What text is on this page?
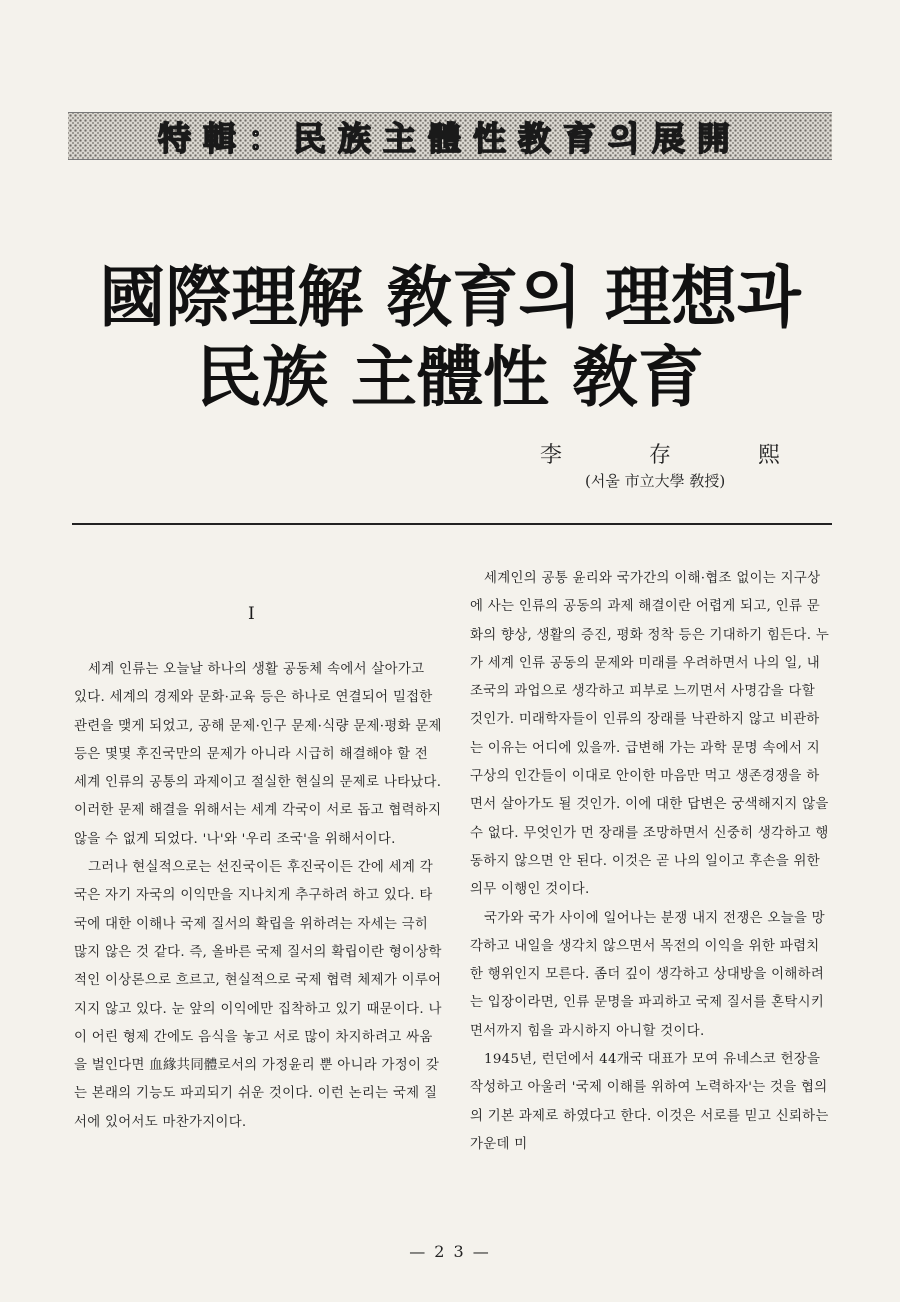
特輯：民族主體性教育의展開
國際理解 敎育의 理想과
民族 主體性 敎育
李	存	熙
(서울 市立大學 敎授)
I

세계 인류는 오늘날 하나의 생활 공동체 속에서 살아가고 있다. 세계의 경제와 문화·교육 등은 하나로 연결되어 밀접한 관련을 맺게 되었고, 공해 문제·인구 문제·식량 문제·평화 문제 등은 몇몇 후진국만의 문제가 아니라 시급히 해결해야 할 전 세계 인류의 공통의 과제이고 절실한 현실의 문제로 나타났다. 이러한 문제 해결을 위해서는 세계 각국이 서로 돕고 협력하지 않을 수 없게 되었다. '나'와 '우리 조국'을 위해서이다.

그러나 현실적으로는 선진국이든 후진국이든 간에 세계 각국은 자기 자국의 이익만을 지나치게 추구하려 하고 있다. 타국에 대한 이해나 국제 질서의 확립을 위하려는 자세는 극히 많지 않은 것 같다. 즉, 올바른 국제 질서의 확립이란 형이상학적인 이상론으로 흐르고, 현실적으로 국제 협력 체제가 이루어지지 않고 있다. 눈 앞의 이익에만 집착하고 있기 때문이다. 나이 어린 형제 간에도 음식을 놓고 서로 많이 차지하려고 싸움을 벌인다면 血緣共同體로서의 가정윤리 뿐 아니라 가정이 갖는 본래의 기능도 파괴되기 쉬운 것이다. 이런 논리는 국제 질서에 있어서도 마찬가지이다.

세계인의 공통 윤리와 국가간의 이해·협조 없이는 지구상에 사는 인류의 공동의 과제 해결이란 어렵게 되고, 인류 문화의 향상, 생활의 증진, 평화 정착 등은 기대하기 힘든다. 누가 세계 인류 공동의 문제와 미래를 우려하면서 나의 일, 내 조국의 과업으로 생각하고 피부로 느끼면서 사명감을 다할 것인가. 미래학자들이 인류의 장래를 낙관하지 않고 비관하는 이유는 어디에 있을까. 급변해 가는 과학 문명 속에서 지구상의 인간들이 이대로 안이한 마음만 먹고 생존경쟁을 하면서 살아가도 될 것인가. 이에 대한 답변은 궁색해지지 않을 수 없다. 무엇인가 먼 장래를 조망하면서 신중히 생각하고 행동하지 않으면 안 된다. 이것은 곧 나의 일이고 후손을 위한 의무 이행인 것이다.

국가와 국가 사이에 일어나는 분쟁 내지 전쟁은 오늘을 망각하고 내일을 생각치 않으면서 목전의 이익을 위한 파렴치한 행위인지 모른다. 좀더 깊이 생각하고 상대방을 이해하려는 입장이라면, 인류 문명을 파괴하고 국제 질서를 혼탁시키면서까지 힘을 과시하지 아니할 것이다.

1945년, 런던에서 44개국 대표가 모여 유네스코 헌장을 작성하고 아울러 '국제 이해를 위하여 노력하자'는 것을 협의의 기본 과제로 하였다고 한다. 이것은 서로를 믿고 신뢰하는 가운데 미

— 2 3 —
